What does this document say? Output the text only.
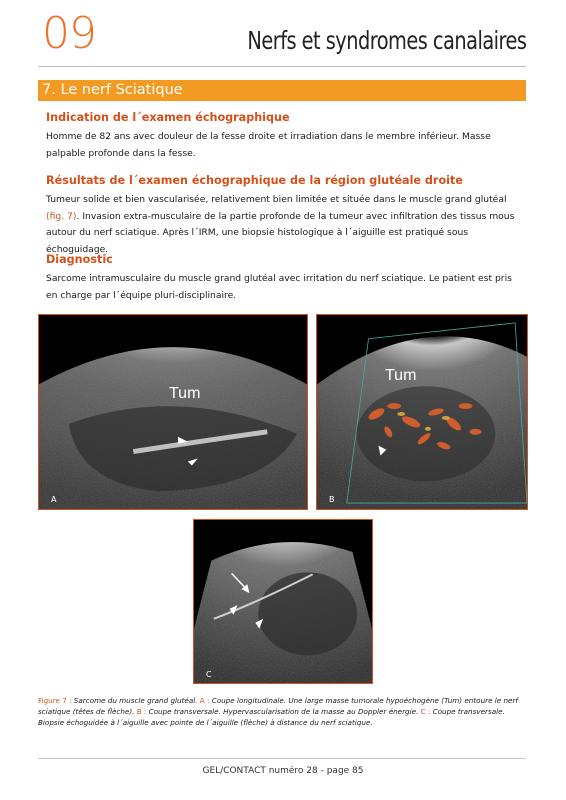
09	Nerfs et syndromes canalaires
7. Le nerf Sciatique
Indication de l´examen échographique
Homme de 82 ans avec douleur de la fesse droite et irradiation dans le membre inférieur. Masse palpable profonde dans la fesse.
Résultats de l´examen échographique de la région glutéale droite
Tumeur solide et bien vascularisée, relativement bien limitée et située dans le muscle grand glutéal (fig. 7). Invasion extra-musculaire de la partie profonde de la tumeur avec infiltration des tissus mous autour du nerf sciatique. Après l´IRM, une biopsie histologique à l´aiguille est pratiqué sous échoguidage.
Diagnostic
Sarcome intramusculaire du muscle grand glutéal avec irritation du nerf sciatique. Le patient est pris en charge par l´équipe pluri-disciplinaire.
Tum
A
Tum
B
C
Figure 7 : Sarcome du muscle grand glutéal. A : Coupe longitudinale. Une large masse tumorale hypoéchogène (Tum) entoure le nerf sciatique (têtes de flèche). B : Coupe transversale. Hypervascularisation de la masse au Doppler énergie. C : Coupe transversale. Biopsie échoguidée à l´aiguille avec pointe de l´aiguille (flèche) à distance du nerf sciatique.
GEL/CONTACT numéro 28 - page 85
